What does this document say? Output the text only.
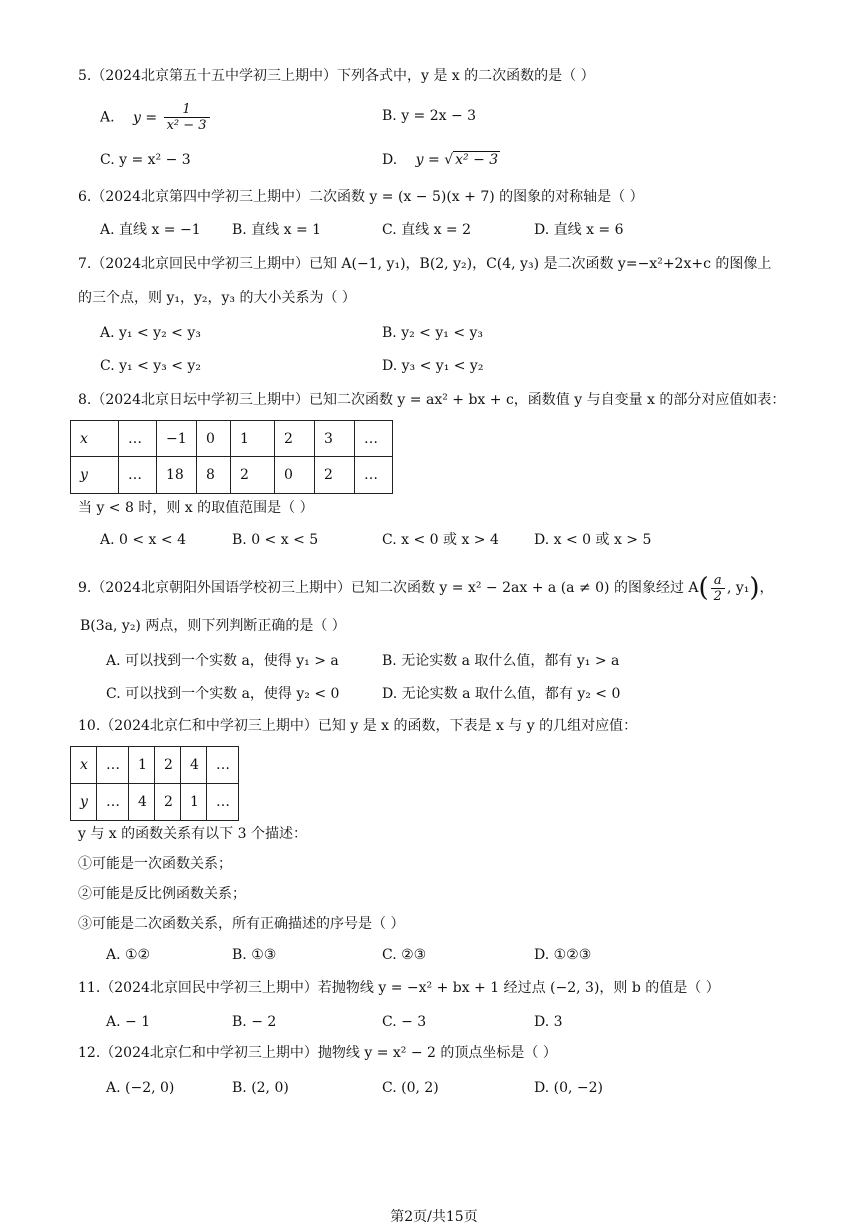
5.（2024北京第五十五中学初三上期中）下列各式中，y 是 x 的二次函数的是（ ）
A. $y = \frac{1}{\text{x² − 3}}$	B. y = 2x − 3
C. y = x² − 3	D. y = √ x² − 3
6.（2024北京第四中学初三上期中）二次函数 y = (x − 5)(x + 7) 的图象的对称轴是（ ）
A. 直线 x = −1 B. 直线 x = 1	C. 直线 x = 2	D. 直线 x = 6
7.（2024北京回民中学初三上期中）已知 A(−1, y₁)，B(2, y₂)，C(4, y₃) 是二次函数 y=−x²+2x+c 的图像上
的三个点，则 y₁，y₂，y₃ 的大小关系为（ ）
A. y₁ < y₂ < y₃	B. y₂ < y₁ < y₃
C. y₁ < y₃ < y₂	D. y₃ < y₁ < y₂
8.（2024北京日坛中学初三上期中）已知二次函数 y = ax² + bx + c，函数值 y 与自变量 x 的部分对应值如表：
x	…	−1	0	1	2	3	…
y	…	18	8	2	0	2	…
当 y < 8 时，则 x 的取值范围是（ ）
A. 0 < x < 4	B. 0 < x < 5	C. x < 0 或 x > 4	D. x < 0 或 x > 5
9.（2024北京朝阳外国语学校初三上期中）已知二次函数 y = x² − 2ax + a (a ≠ 0) 的图象经过 $A( \frac{a}{2}$ , y₁)，
B(3a, y₂) 两点，则下列判断正确的是（ ）
A. 可以找到一个实数 a，使得 y₁ > a	B. 无论实数 a 取什么值，都有 y₁ > a
C. 可以找到一个实数 a，使得 y₂ < 0	D. 无论实数 a 取什么值，都有 y₂ < 0
10.（2024北京仁和中学初三上期中）已知 y 是 x 的函数，下表是 x 与 y 的几组对应值：
x	…	1	2	4	…
y	…	4	2	1	…
y 与 x 的函数关系有以下 3 个描述：
①可能是一次函数关系；
②可能是反比例函数关系；
③可能是二次函数关系，所有正确描述的序号是（ ）
A. ①②	B. ①③	C. ②③	D. ①②③
11.（2024北京回民中学初三上期中）若抛物线 y = −x² + bx + 1 经过点 (−2, 3)，则 b 的值是（ ）
A. − 1	B. − 2	C. − 3	D. 3
12.（2024北京仁和中学初三上期中）抛物线 y = x² − 2 的顶点坐标是（ ）
A. (−2, 0)	B. (2, 0)	C. (0, 2)	D. (0, −2)
第2页/共15页
